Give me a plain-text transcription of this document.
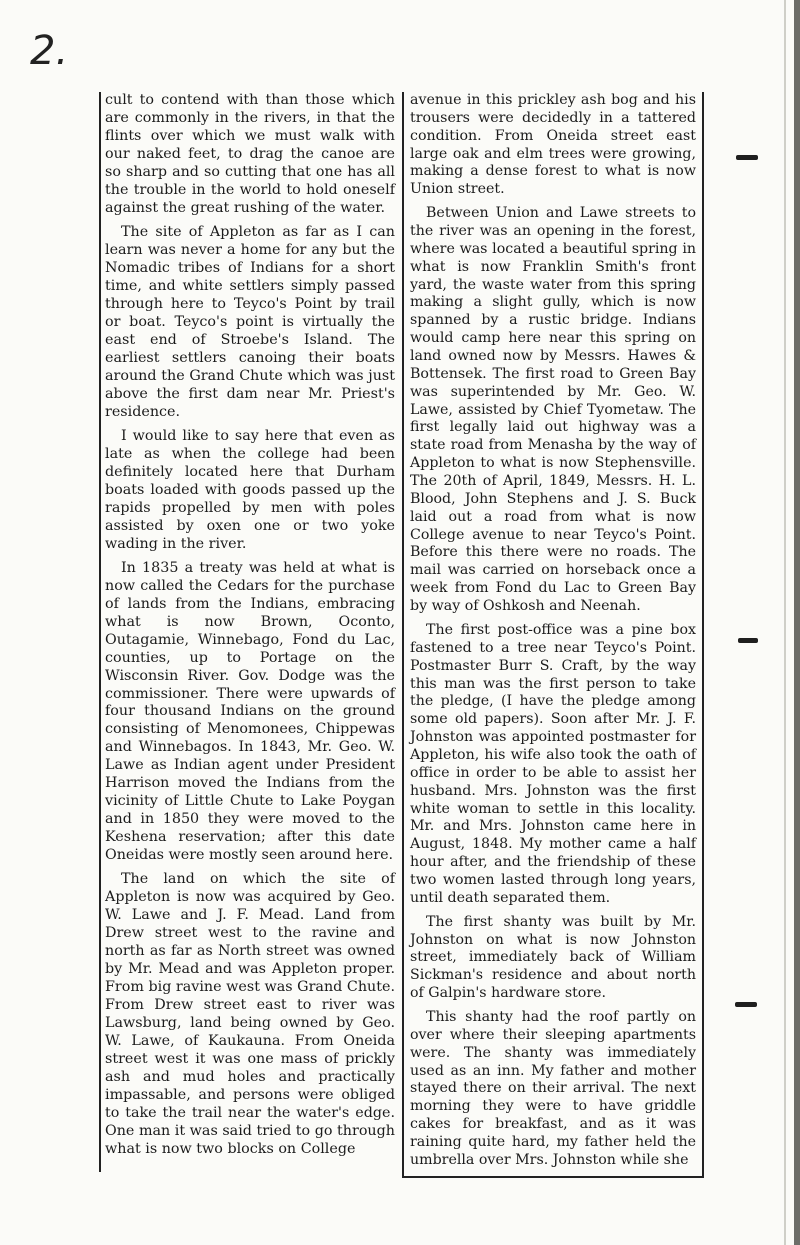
2.

cult to contend with than those which are commonly in the rivers, in that the flints over which we must walk with our naked feet, to drag the canoe are so sharp and so cutting that one has all the trouble in the world to hold oneself against the great rushing of the water.

The site of Appleton as far as I can learn was never a home for any but the Nomadic tribes of Indians for a short time, and white settlers simply passed through here to Teyco's Point by trail or boat. Teyco's point is virtually the east end of Stroebe's Island. The earliest settlers canoing their boats around the Grand Chute which was just above the first dam near Mr. Priest's residence.

I would like to say here that even as late as when the college had been definitely located here that Durham boats loaded with goods passed up the rapids propelled by men with poles assisted by oxen one or two yoke wading in the river.

In 1835 a treaty was held at what is now called the Cedars for the purchase of lands from the Indians, embracing what is now Brown, Oconto, Outagamie, Winnebago, Fond du Lac, counties, up to Portage on the Wisconsin River. Gov. Dodge was the commissioner. There were upwards of four thousand Indians on the ground consisting of Menomonees, Chippewas and Winnebagos. In 1843, Mr. Geo. W. Lawe as Indian agent under President Harrison moved the Indians from the vicinity of Little Chute to Lake Poygan and in 1850 they were moved to the Keshena reservation; after this date Oneidas were mostly seen around here.

The land on which the site of Appleton is now was acquired by Geo. W. Lawe and J. F. Mead. Land from Drew street west to the ravine and north as far as North street was owned by Mr. Mead and was Appleton proper. From big ravine west was Grand Chute. From Drew street east to river was Lawsburg, land being owned by Geo. W. Lawe, of Kaukauna. From Oneida street west it was one mass of prickly ash and mud holes and practically impassable, and persons were obliged to take the trail near the water's edge. One man it was said tried to go through what is now two blocks on College

avenue in this prickley ash bog and his trousers were decidedly in a tattered condition. From Oneida street east large oak and elm trees were growing, making a dense forest to what is now Union street.

Between Union and Lawe streets to the river was an opening in the forest, where was located a beautiful spring in what is now Franklin Smith's front yard, the waste water from this spring making a slight gully, which is now spanned by a rustic bridge. Indians would camp here near this spring on land owned now by Messrs. Hawes & Bottensek. The first road to Green Bay was superintended by Mr. Geo. W. Lawe, assisted by Chief Tyometaw. The first legally laid out highway was a state road from Menasha by the way of Appleton to what is now Stephensville. The 20th of April, 1849, Messrs. H. L. Blood, John Stephens and J. S. Buck laid out a road from what is now College avenue to near Teyco's Point. Before this there were no roads. The mail was carried on horseback once a week from Fond du Lac to Green Bay by way of Oshkosh and Neenah.

The first post-office was a pine box fastened to a tree near Teyco's Point. Postmaster Burr S. Craft, by the way this man was the first person to take the pledge, (I have the pledge among some old papers). Soon after Mr. J. F. Johnston was appointed postmaster for Appleton, his wife also took the oath of office in order to be able to assist her husband. Mrs. Johnston was the first white woman to settle in this locality. Mr. and Mrs. Johnston came here in August, 1848. My mother came a half hour after, and the friendship of these two women lasted through long years, until death separated them.

The first shanty was built by Mr. Johnston on what is now Johnston street, immediately back of William Sickman's residence and about north of Galpin's hardware store.

This shanty had the roof partly on over where their sleeping apartments were. The shanty was immediately used as an inn. My father and mother stayed there on their arrival. The next morning they were to have griddle cakes for breakfast, and as it was raining quite hard, my father held the umbrella over Mrs. Johnston while she
